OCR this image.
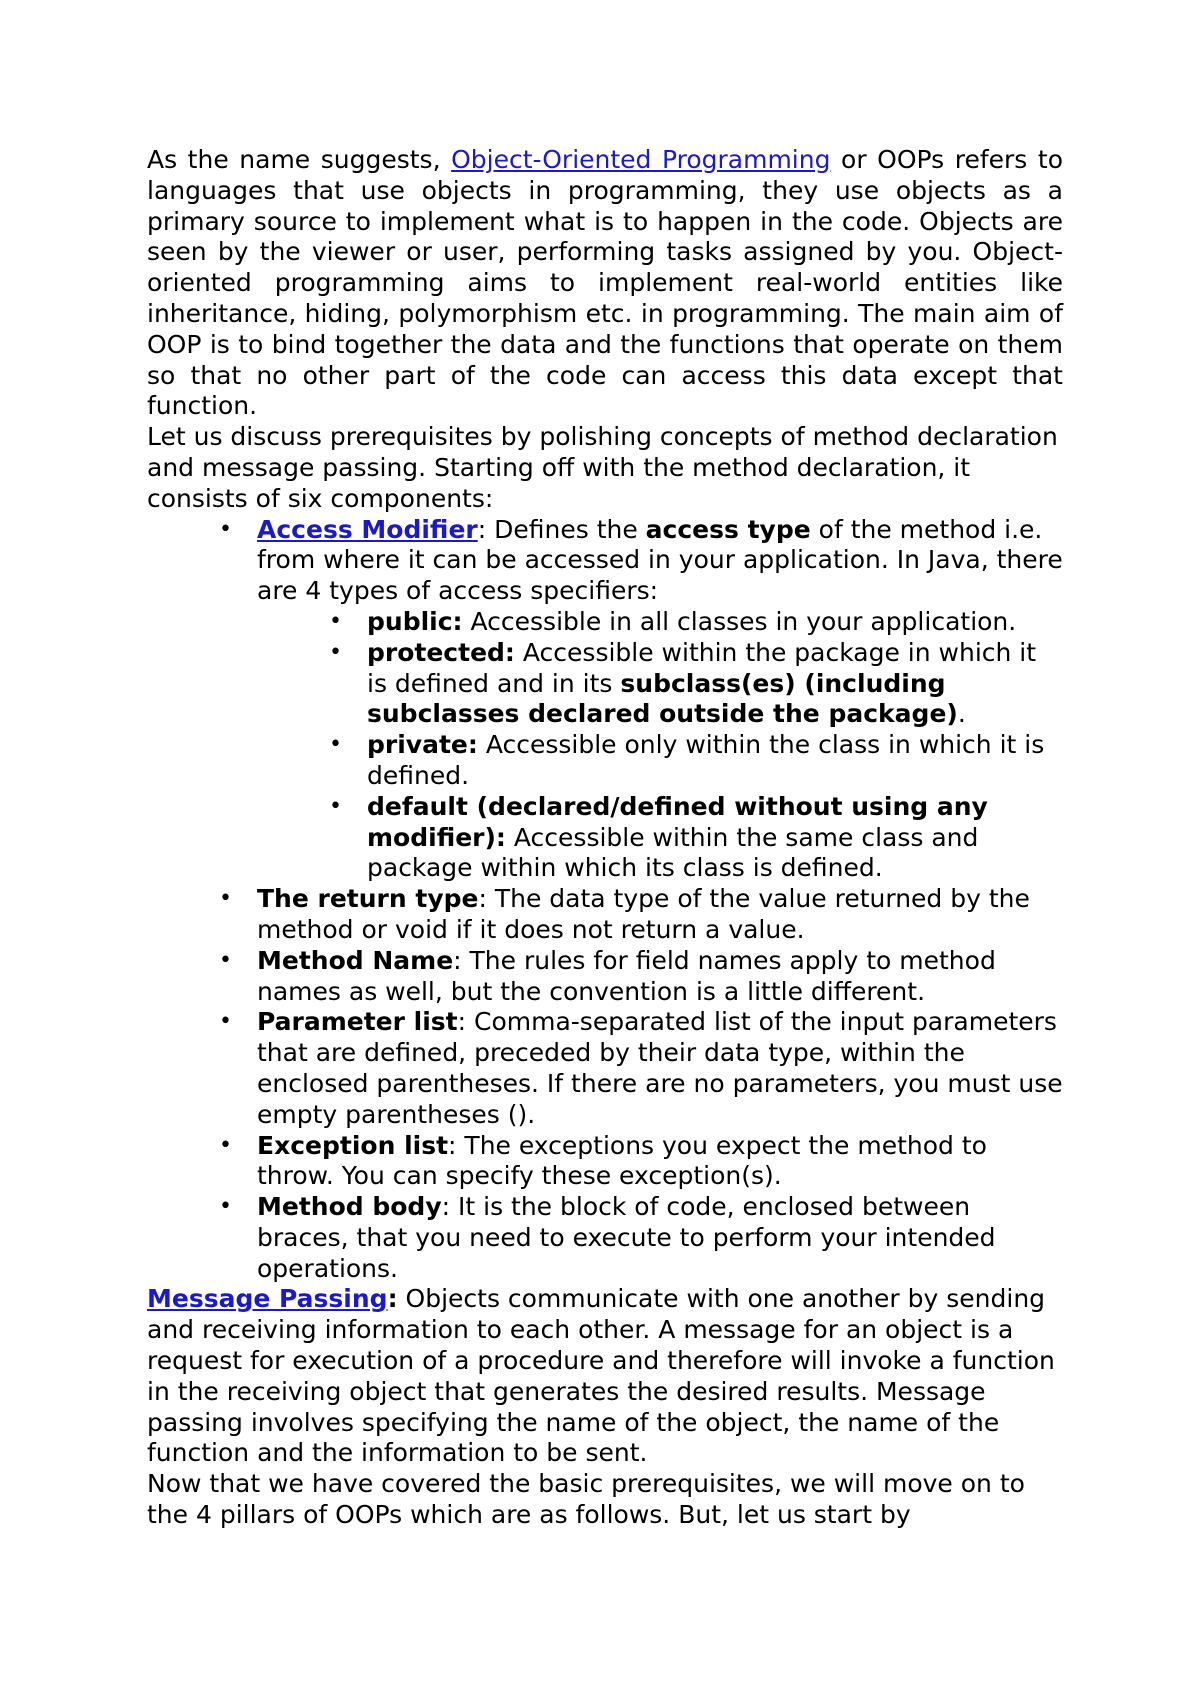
As the name suggests, Object-Oriented Programming or OOPs refers to languages that use objects in programming, they use objects as a primary source to implement what is to happen in the code. Objects are seen by the viewer or user, performing tasks assigned by you. Object-oriented programming aims to implement real-world entities like inheritance, hiding, polymorphism etc. in programming. The main aim of OOP is to bind together the data and the functions that operate on them so that no other part of the code can access this data except that function.

Let us discuss prerequisites by polishing concepts of method declaration and message passing. Starting off with the method declaration, it consists of six components:

• Access Modifier: Defines the access type of the method i.e. from where it can be accessed in your application. In Java, there are 4 types of access specifiers:
• public: Accessible in all classes in your application.
• protected: Accessible within the package in which it is defined and in its subclass(es) (including subclasses declared outside the package).
• private: Accessible only within the class in which it is defined.
• default (declared/defined without using any modifier): Accessible within the same class and package within which its class is defined.
• The return type: The data type of the value returned by the method or void if it does not return a value.
• Method Name: The rules for field names apply to method names as well, but the convention is a little different.
• Parameter list: Comma-separated list of the input parameters that are defined, preceded by their data type, within the enclosed parentheses. If there are no parameters, you must use empty parentheses ().
• Exception list: The exceptions you expect the method to throw. You can specify these exception(s).
• Method body: It is the block of code, enclosed between braces, that you need to execute to perform your intended operations.

Message Passing: Objects communicate with one another by sending and receiving information to each other. A message for an object is a request for execution of a procedure and therefore will invoke a function in the receiving object that generates the desired results. Message passing involves specifying the name of the object, the name of the function and the information to be sent.

Now that we have covered the basic prerequisites, we will move on to the 4 pillars of OOPs which are as follows. But, let us start by
